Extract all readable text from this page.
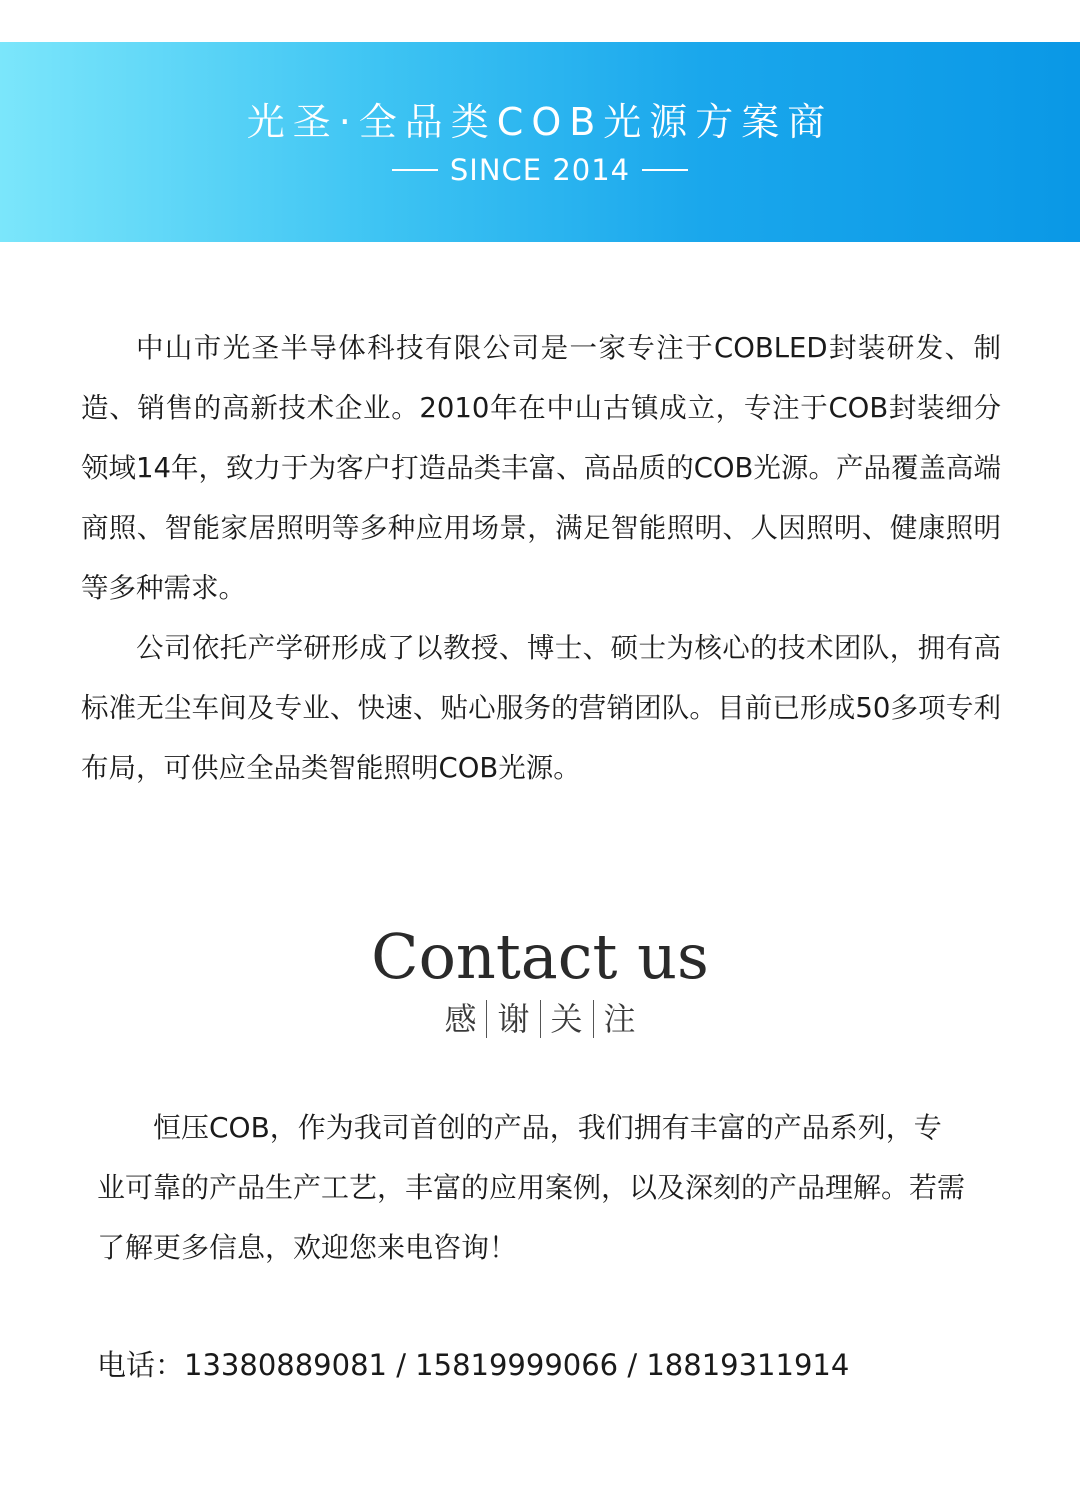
光圣·全品类COB光源方案商
SINCE 2014

中山市光圣半导体科技有限公司是一家专注于COBLED封装研发、制造、销售的高新技术企业。2010年在中山古镇成立，专注于COB封装细分领域14年，致力于为客户打造品类丰富、高品质的COB光源。产品覆盖高端商照、智能家居照明等多种应用场景，满足智能照明、人因照明、健康照明等多种需求。

公司依托产学研形成了以教授、博士、硕士为核心的技术团队，拥有高标准无尘车间及专业、快速、贴心服务的营销团队。目前已形成50多项专利布局，可供应全品类智能照明COB光源。

Contact us
感 谢 关 注

恒压COB，作为我司首创的产品，我们拥有丰富的产品系列，专业可靠的产品生产工艺，丰富的应用案例，以及深刻的产品理解。若需了解更多信息，欢迎您来电咨询！

电话：13380889081 / 15819999066 / 18819311914
